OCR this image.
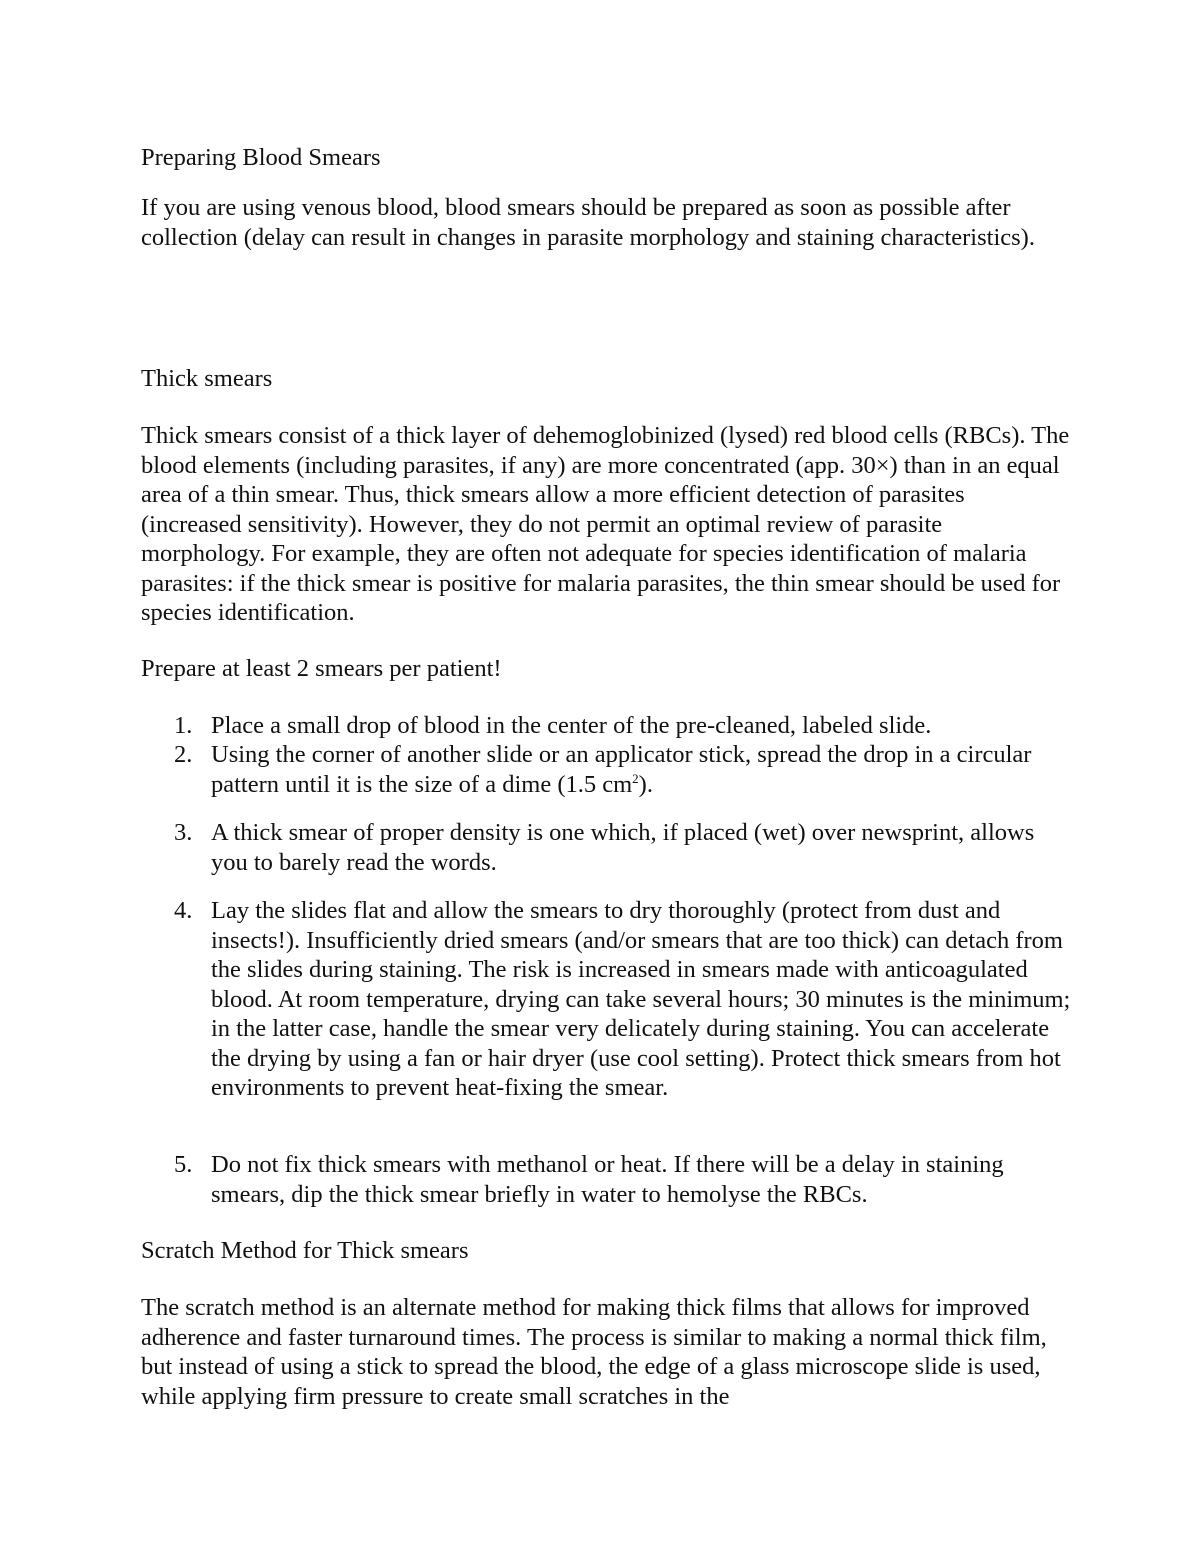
Preparing Blood Smears

If you are using venous blood, blood smears should be prepared as soon as possible after collection (delay can result in changes in parasite morphology and staining characteristics).

Thick smears

Thick smears consist of a thick layer of dehemoglobinized (lysed) red blood cells (RBCs). The blood elements (including parasites, if any) are more concentrated (app. 30×) than in an equal area of a thin smear. Thus, thick smears allow a more efficient detection of parasites (increased sensitivity). However, they do not permit an optimal review of parasite morphology. For example, they are often not adequate for species identification of malaria parasites: if the thick smear is positive for malaria parasites, the thin smear should be used for species identification.

Prepare at least 2 smears per patient!

1. Place a small drop of blood in the center of the pre-cleaned, labeled slide.
2. Using the corner of another slide or an applicator stick, spread the drop in a circular pattern until it is the size of a dime (1.5 $cm^2$).
3. A thick smear of proper density is one which, if placed (wet) over newsprint, allows you to barely read the words.
4. Lay the slides flat and allow the smears to dry thoroughly (protect from dust and insects!). Insufficiently dried smears (and/or smears that are too thick) can detach from the slides during staining. The risk is increased in smears made with anticoagulated blood. At room temperature, drying can take several hours; 30 minutes is the minimum; in the latter case, handle the smear very delicately during staining. You can accelerate the drying by using a fan or hair dryer (use cool setting). Protect thick smears from hot environments to prevent heat-fixing the smear.
5. Do not fix thick smears with methanol or heat. If there will be a delay in staining smears, dip the thick smear briefly in water to hemolyse the RBCs.

Scratch Method for Thick smears

The scratch method is an alternate method for making thick films that allows for improved adherence and faster turnaround times. The process is similar to making a normal thick film, but instead of using a stick to spread the blood, the edge of a glass microscope slide is used, while applying firm pressure to create small scratches in the
